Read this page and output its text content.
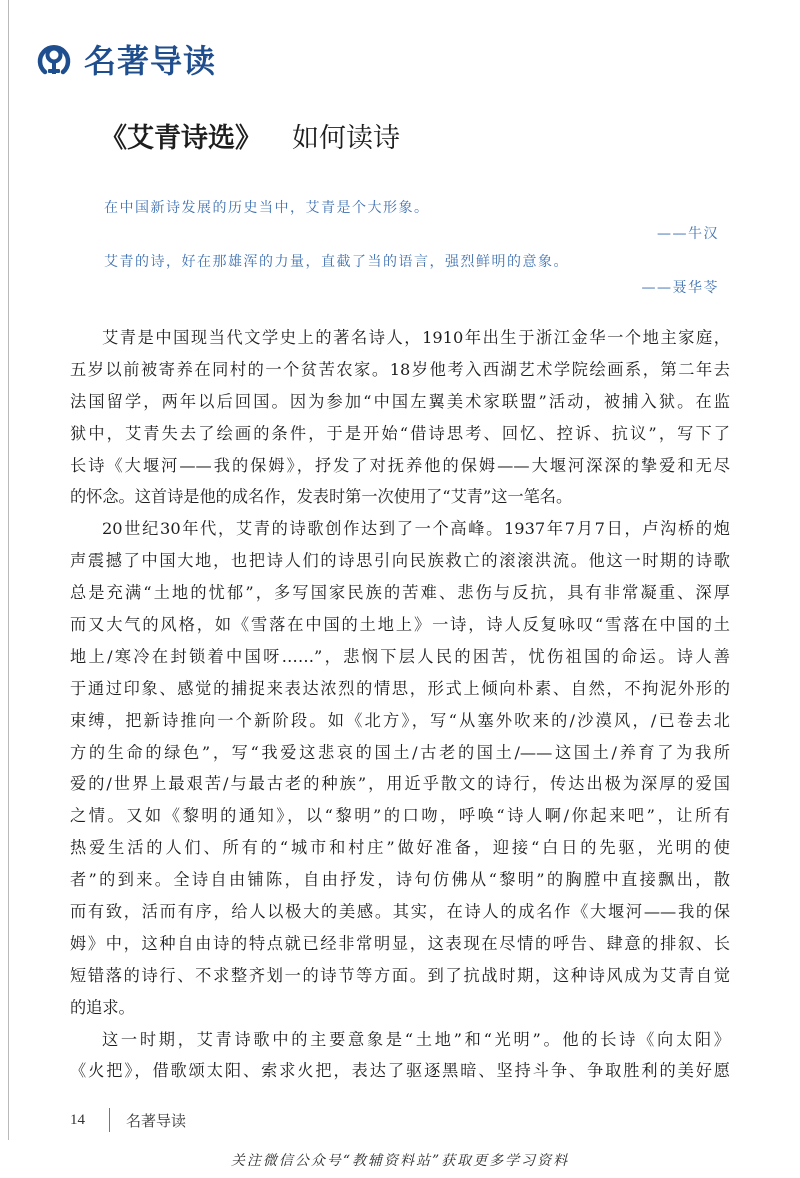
名著导读
《艾青诗选》 如何读诗
在中国新诗发展的历史当中，艾青是个大形象。
——牛汉
艾青的诗，好在那雄浑的力量，直截了当的语言，强烈鲜明的意象。
——聂华苓
艾青是中国现当代文学史上的著名诗人，1910年出生于浙江金华一个地主家庭，
五岁以前被寄养在同村的一个贫苦农家。18岁他考入西湖艺术学院绘画系，第二年去
法国留学，两年以后回国。因为参加“中国左翼美术家联盟”活动，被捕入狱。在监
狱中，艾青失去了绘画的条件，于是开始“借诗思考、回忆、控诉、抗议”，写下了
长诗《大堰河——我的保姆》，抒发了对抚养他的保姆——大堰河深深的挚爱和无尽
的怀念。这首诗是他的成名作，发表时第一次使用了“艾青”这一笔名。
20世纪30年代，艾青的诗歌创作达到了一个高峰。1937年7月7日，卢沟桥的炮
声震撼了中国大地，也把诗人们的诗思引向民族救亡的滚滚洪流。他这一时期的诗歌
总是充满“土地的忧郁”，多写国家民族的苦难、悲伤与反抗，具有非常凝重、深厚
而又大气的风格，如《雪落在中国的土地上》一诗，诗人反复咏叹“雪落在中国的土
地上/寒冷在封锁着中国呀……”，悲悯下层人民的困苦，忧伤祖国的命运。诗人善
于通过印象、感觉的捕捉来表达浓烈的情思，形式上倾向朴素、自然，不拘泥外形的
束缚，把新诗推向一个新阶段。如《北方》，写“从塞外吹来的/沙漠风，/已卷去北
方的生命的绿色”，写“我爱这悲哀的国土/古老的国土/——这国土/养育了为我所
爱的/世界上最艰苦/与最古老的种族”，用近乎散文的诗行，传达出极为深厚的爱国
之情。又如《黎明的通知》，以“黎明”的口吻，呼唤“诗人啊/你起来吧”，让所有
热爱生活的人们、所有的“城市和村庄”做好准备，迎接“白日的先驱，光明的使
者”的到来。全诗自由铺陈，自由抒发，诗句仿佛从“黎明”的胸膛中直接飘出，散
而有致，活而有序，给人以极大的美感。其实，在诗人的成名作《大堰河——我的保
姆》中，这种自由诗的特点就已经非常明显，这表现在尽情的呼告、肆意的排叙、长
短错落的诗行、不求整齐划一的诗节等方面。到了抗战时期，这种诗风成为艾青自觉
的追求。
这一时期，艾青诗歌中的主要意象是“土地”和“光明”。他的长诗《向太阳》
《火把》，借歌颂太阳、索求火把，表达了驱逐黑暗、坚持斗争、争取胜利的美好愿
14	名著导读
关注微信公众号“教辅资料站”获取更多学习资料
